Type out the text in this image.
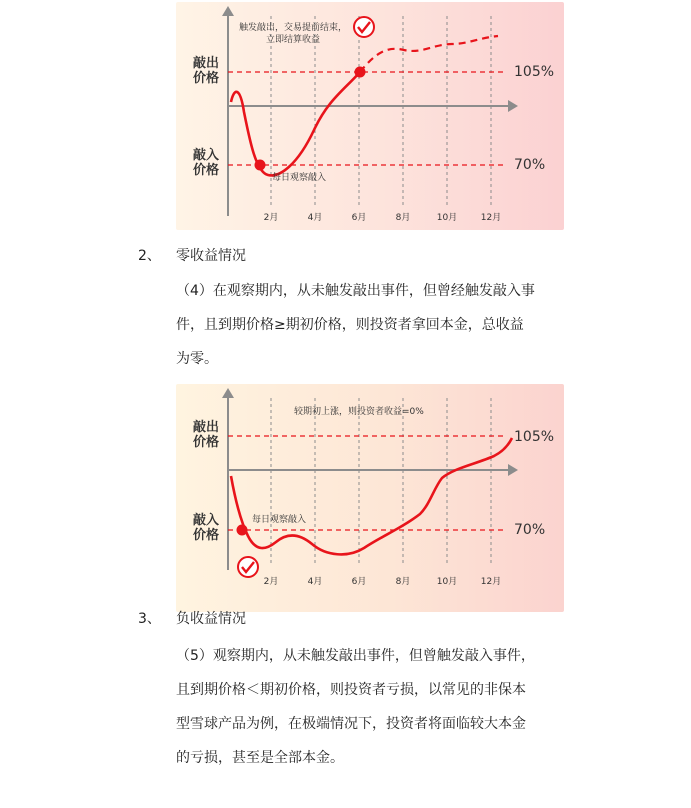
敲出
价格
敲入
价格
105%
70%
触发敲出，交易提前结束，
立即结算收益
每日观察敲入
2月	4月	6月	8月	10月	12月
2、 零收益情况
（4）在观察期内，从未触发敲出事件，但曾经触发敲入事
件，且到期价格≥期初价格，则投资者拿回本金，总收益
为零。
敲出
价格
敲入
价格
105%
70%
较期初上涨，则投资者收益=0%
每日观察敲入
2月	4月	6月	8月	10月	12月
3、 负收益情况
（5）观察期内，从未触发敲出事件，但曾触发敲入事件，
且到期价格＜期初价格，则投资者亏损，以常见的非保本
型雪球产品为例，在极端情况下，投资者将面临较大本金
的亏损，甚至是全部本金。
